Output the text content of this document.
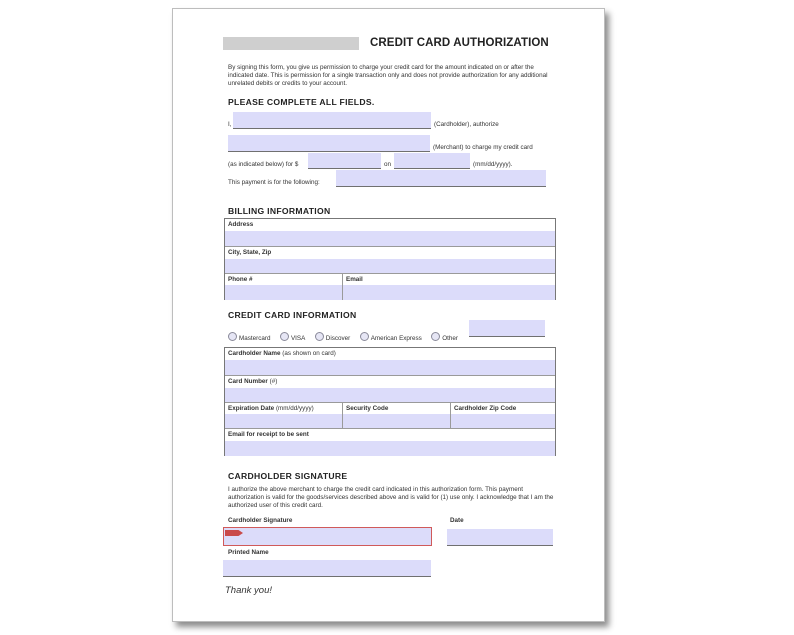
CREDIT CARD AUTHORIZATION
By signing this form, you give us permission to charge your credit card for the amount indicated on or after the indicated date. This is permission for a single transaction only and does not provide authorization for any additional unrelated debits or credits to your account.
PLEASE COMPLETE ALL FIELDS.
I,	(Cardholder), authorize
(Merchant) to charge my credit card
(as indicated below) for $	on	(mm/dd/yyyy).
This payment is for the following:
BILLING INFORMATION
Address
City, State, Zip
Phone #	Email
CREDIT CARD INFORMATION
Mastercard	VISA	Discover	American Express	Other
Cardholder Name (as shown on card)
Card Number (#)
Expiration Date (mm/dd/yyyy)	Security Code	Cardholder Zip Code
Email for receipt to be sent
CARDHOLDER SIGNATURE
I authorize the above merchant to charge the credit card indicated in this authorization form. This payment authorization is valid for the goods/services described above and is valid for (1) use only. I acknowledge that I am the authorized user of this credit card.
Cardholder Signature	Date
Printed Name
Thank you!
